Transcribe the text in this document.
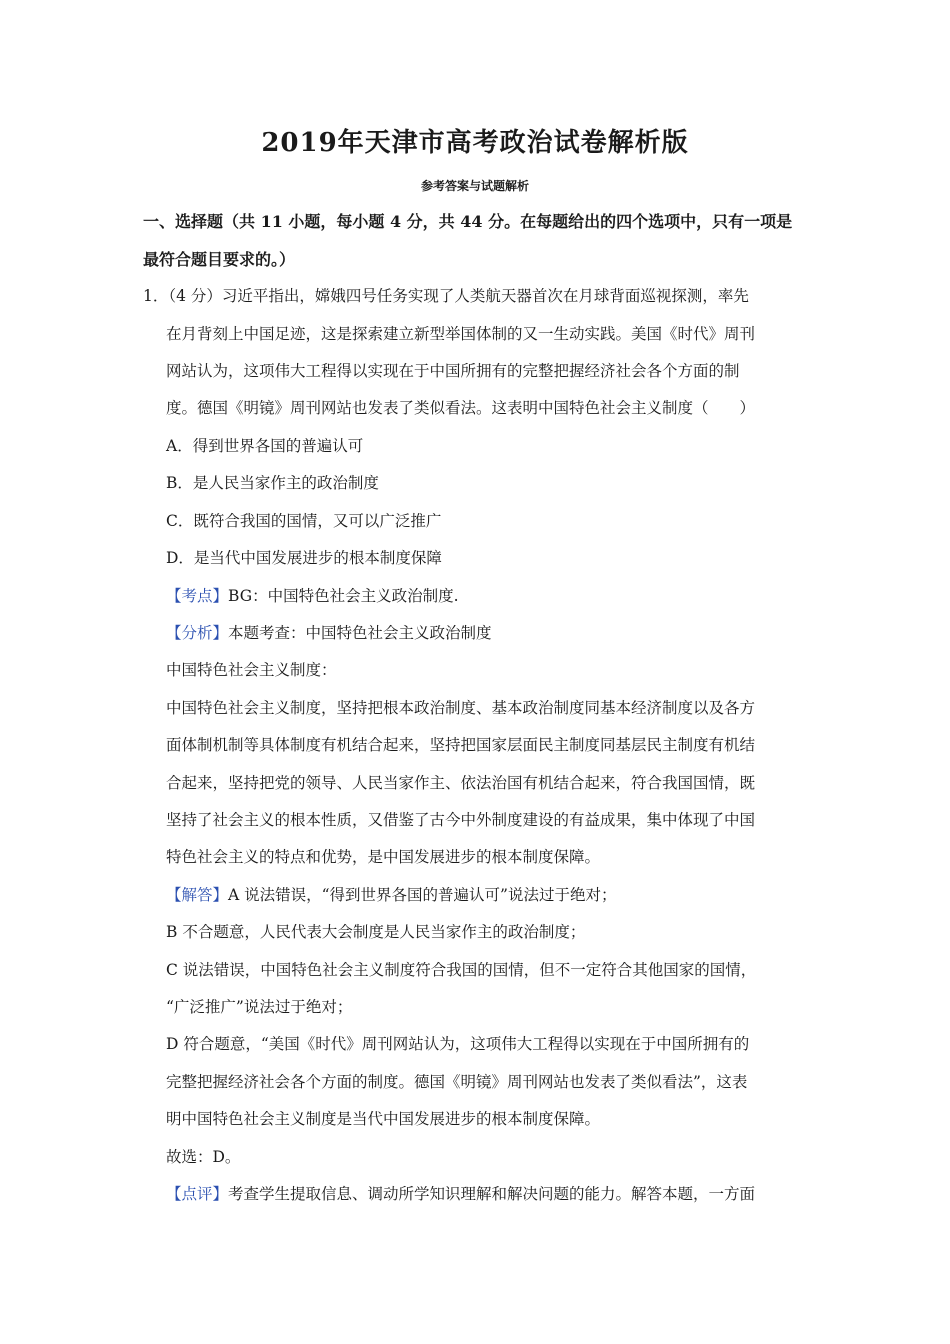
2019年天津市高考政治试卷解析版
参考答案与试题解析
一、选择题（共 11 小题，每小题 4 分，共 44 分。在每题给出的四个选项中，只有一项是
最符合题目要求的。）
1．（4 分）习近平指出，嫦娥四号任务实现了人类航天器首次在月球背面巡视探测，率先
在月背刻上中国足迹，这是探索建立新型举国体制的又一生动实践。美国《时代》周刊
网站认为，这项伟大工程得以实现在于中国所拥有的完整把握经济社会各个方面的制
度。德国《明镜》周刊网站也发表了类似看法。这表明中国特色社会主义制度（　　）
A．得到世界各国的普遍认可
B．是人民当家作主的政治制度
C．既符合我国的国情，又可以广泛推广
D．是当代中国发展进步的根本制度保障
【考点】BG：中国特色社会主义政治制度.
【分析】本题考查：中国特色社会主义政治制度
中国特色社会主义制度：
中国特色社会主义制度，坚持把根本政治制度、基本政治制度同基本经济制度以及各方
面体制机制等具体制度有机结合起来，坚持把国家层面民主制度同基层民主制度有机结
合起来，坚持把党的领导、人民当家作主、依法治国有机结合起来，符合我国国情，既
坚持了社会主义的根本性质，又借鉴了古今中外制度建设的有益成果，集中体现了中国
特色社会主义的特点和优势，是中国发展进步的根本制度保障。
【解答】A 说法错误，“得到世界各国的普遍认可”说法过于绝对；
B 不合题意，人民代表大会制度是人民当家作主的政治制度；
C 说法错误，中国特色社会主义制度符合我国的国情，但不一定符合其他国家的国情，
“广泛推广”说法过于绝对；
D 符合题意，“美国《时代》周刊网站认为，这项伟大工程得以实现在于中国所拥有的
完整把握经济社会各个方面的制度。德国《明镜》周刊网站也发表了类似看法”，这表
明中国特色社会主义制度是当代中国发展进步的根本制度保障。
故选：D。
【点评】考查学生提取信息、调动所学知识理解和解决问题的能力。解答本题，一方面
